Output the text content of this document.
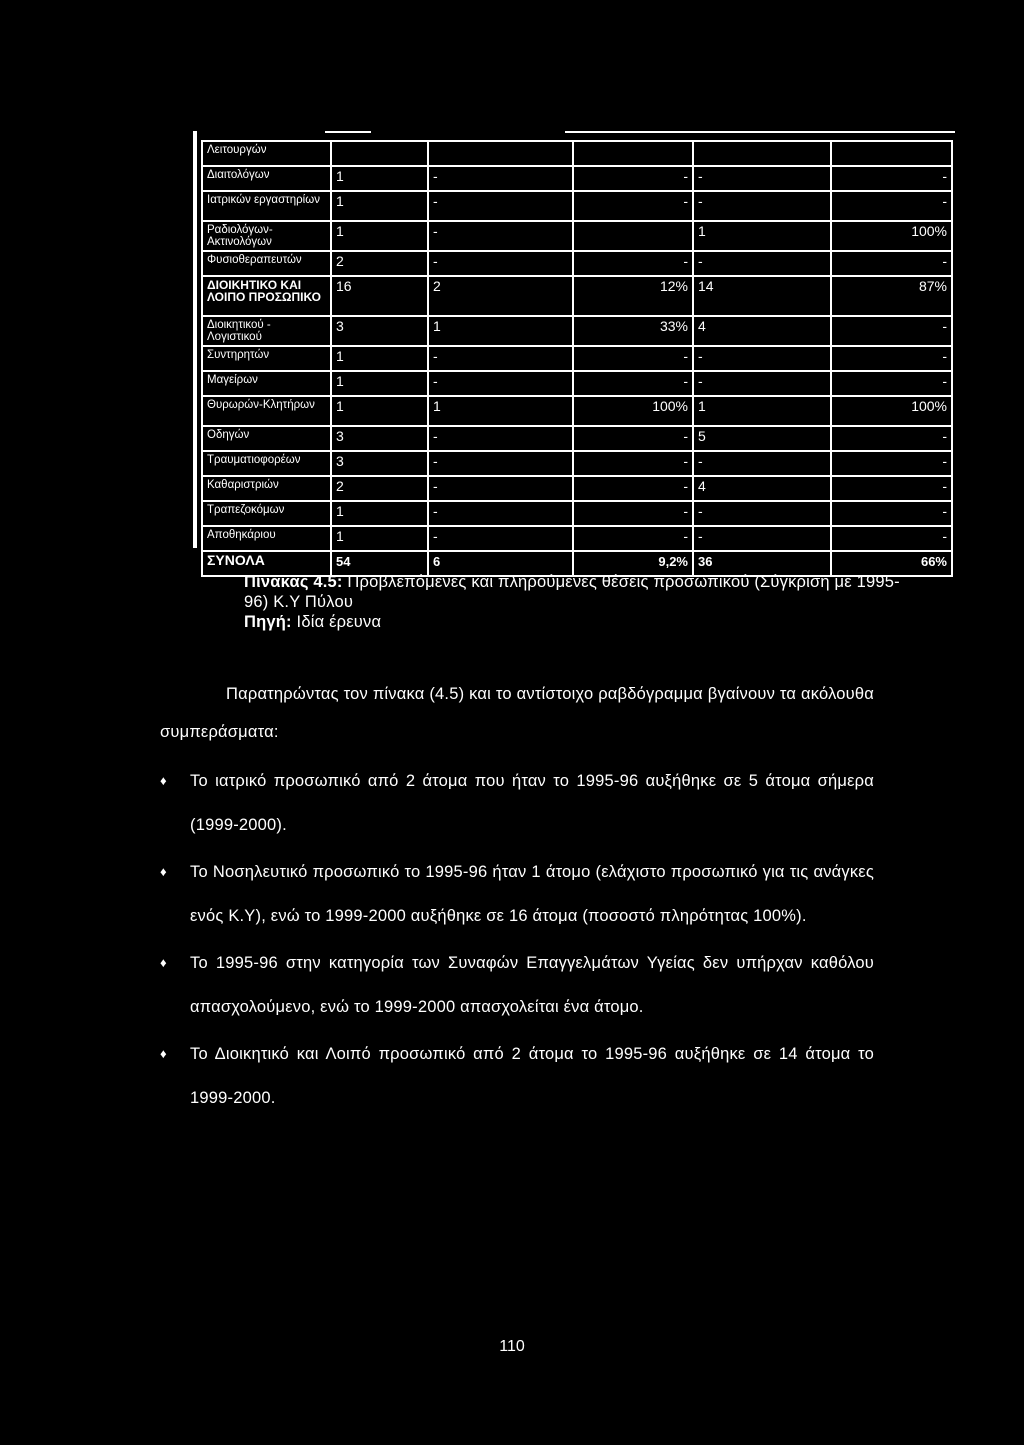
Λειτουργών					
Διαιτολόγων	1	-	-	-	-
Ιατρικών εργαστηρίων	1	-	-	-	-
Ραδιολόγων-Ακτινολόγων	1	-		1	100%
Φυσιοθεραπευτών	2	-	-	-	-
ΔΙΟΙΚΗΤΙΚΟ ΚΑΙ ΛΟΙΠΟ ΠΡΟΣΩΠΙΚΟ	16	2	12%	14	87%
Διοικητικού - Λογιστικού	3	1	33%	4	-
Συντηρητών	1	-	-	-	-
Μαγείρων	1	-	-	-	-
Θυρωρών-Κλητήρων	1	1	100%	1	100%
Οδηγών	3	-	-	5	-
Τραυματιοφορέων	3	-	-	-	-
Καθαριστριών	2	-	-	4	-
Τραπεζοκόμων	1	-	-	-	-
Αποθηκάριου	1	-	-	-	-
ΣΥΝΟΛΑ	54	6	9,2%	36	66%
Πίνακας 4.5: Προβλεπόμενες και πληρούμενες θέσεις προσωπικού (Σύγκριση με 1995-96) Κ.Υ Πύλου
Πηγή: Ιδία έρευνα

Παρατηρώντας τον πίνακα (4.5) και το αντίστοιχο ραβδόγραμμα βγαίνουν τα ακόλουθα συμπεράσματα:

♦ Το ιατρικό προσωπικό από 2 άτομα που ήταν το 1995-96 αυξήθηκε σε 5 άτομα σήμερα (1999-2000).
♦ Το Νοσηλευτικό προσωπικό το 1995-96 ήταν 1 άτομο (ελάχιστο προσωπικό για τις ανάγκες ενός Κ.Υ), ενώ το 1999-2000 αυξήθηκε σε 16 άτομα (ποσοστό πληρότητας 100%).
♦ Το 1995-96 στην κατηγορία των Συναφών Επαγγελμάτων Υγείας δεν υπήρχαν καθόλου απασχολούμενο, ενώ το 1999-2000 απασχολείται ένα άτομο.
♦ Το Διοικητικό και Λοιπό προσωπικό από 2 άτομα το 1995-96 αυξήθηκε σε 14 άτομα το 1999-2000.
110
